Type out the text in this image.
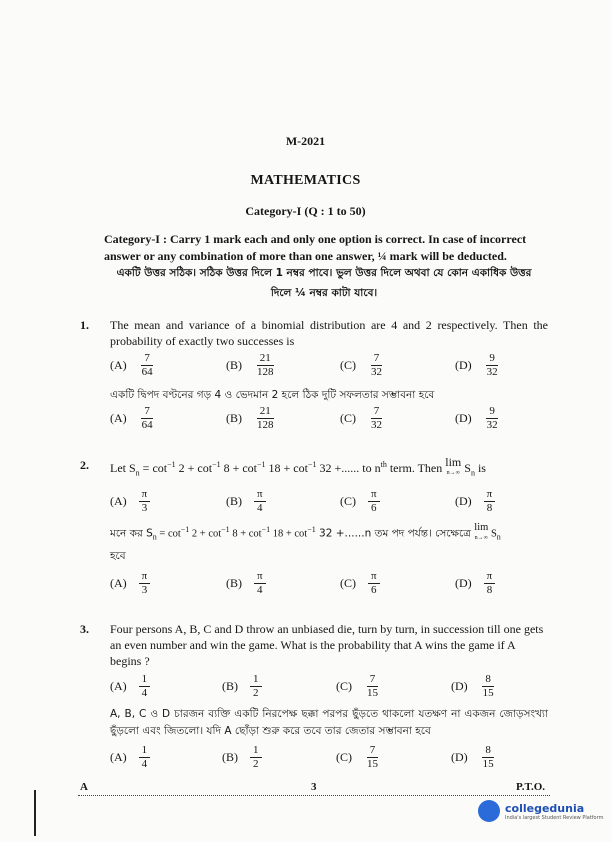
M-2021
MATHEMATICS
Category-I (Q : 1 to 50)
Category-I : Carry 1 mark each and only one option is correct. In case of incorrect answer or any combination of more than one answer, ¼ mark will be deducted.
একটি উত্তর সঠিক। সঠিক উত্তর দিলে 1 নম্বর পাবে। ভুল উত্তর দিলে অথবা যে কোন একাধিক উত্তর
দিলে ¼ নম্বর কাটা যাবে।
1. The mean and variance of a binomial distribution are 4 and 2 respectively. Then the probability of exactly two successes is
$(A) \frac{7}{64}$	$(B) \frac{21}{128}$	$(C) \frac{7}{32}$	$(D) \frac{9}{32}$
একটি দ্বিপদ বণ্টনের গড় 4 ও ভেদমান 2 হলে ঠিক দুটি সফলতার সম্ভাবনা হবে
$(A) \frac{7}{64}$	$(B) \frac{21}{128}$	$(C) \frac{7}{32}$	$(D) \frac{9}{32}$
2. Let $S_n = \cot^{-1} 2 + \cot^{-1} 8 + \cot^{-1} 18 + \cot^{-1} 32$ +...... to $n^{th}$ term. Then lim
n→∞ $S_n$ is
$(A) \frac{\pi}{3}$	$(B) \frac{\pi}{4}$	$(C) \frac{\pi}{6}$	$(D) \frac{\pi}{8}$
মনে কর $S_n = \cot^{-1} 2 + \cot^{-1} 8 + \cot^{-1} 18 + \cot^{-1} 32 +......n$ তম পদ পর্যন্ত। সেক্ষেত্রে lim
n→∞ $S_n$
হবে
$(A) \frac{\pi}{3}$	$(B) \frac{\pi}{4}$	$(C) \frac{\pi}{6}$	$(D) \frac{\pi}{8}$
3. Four persons A, B, C and D throw an unbiased die, turn by turn, in succession till one gets an even number and win the game. What is the probability that A wins the game if A begins ?
$(A) \frac{1}{4}$	$(B) \frac{1}{2}$	$(C) \frac{7}{15}$	$(D) \frac{8}{15}$
A, B, C ও D চারজন ব্যক্তি একটি নিরপেক্ষ ছক্কা পরপর ছুঁড়তে থাকলো যতক্ষণ না একজন জোড়সংখ্যা ছুঁড়লো এবং জিতলো। যদি A ছোঁড়া শুরু করে তবে তার জেতার সম্ভাবনা হবে
$(A) \frac{1}{4}$	$(B) \frac{1}{2}$	$(C) \frac{7}{15}$	$(D) \frac{8}{15}$
A	3	P.T.O.
collegedunia
India's largest Student Review Platform
